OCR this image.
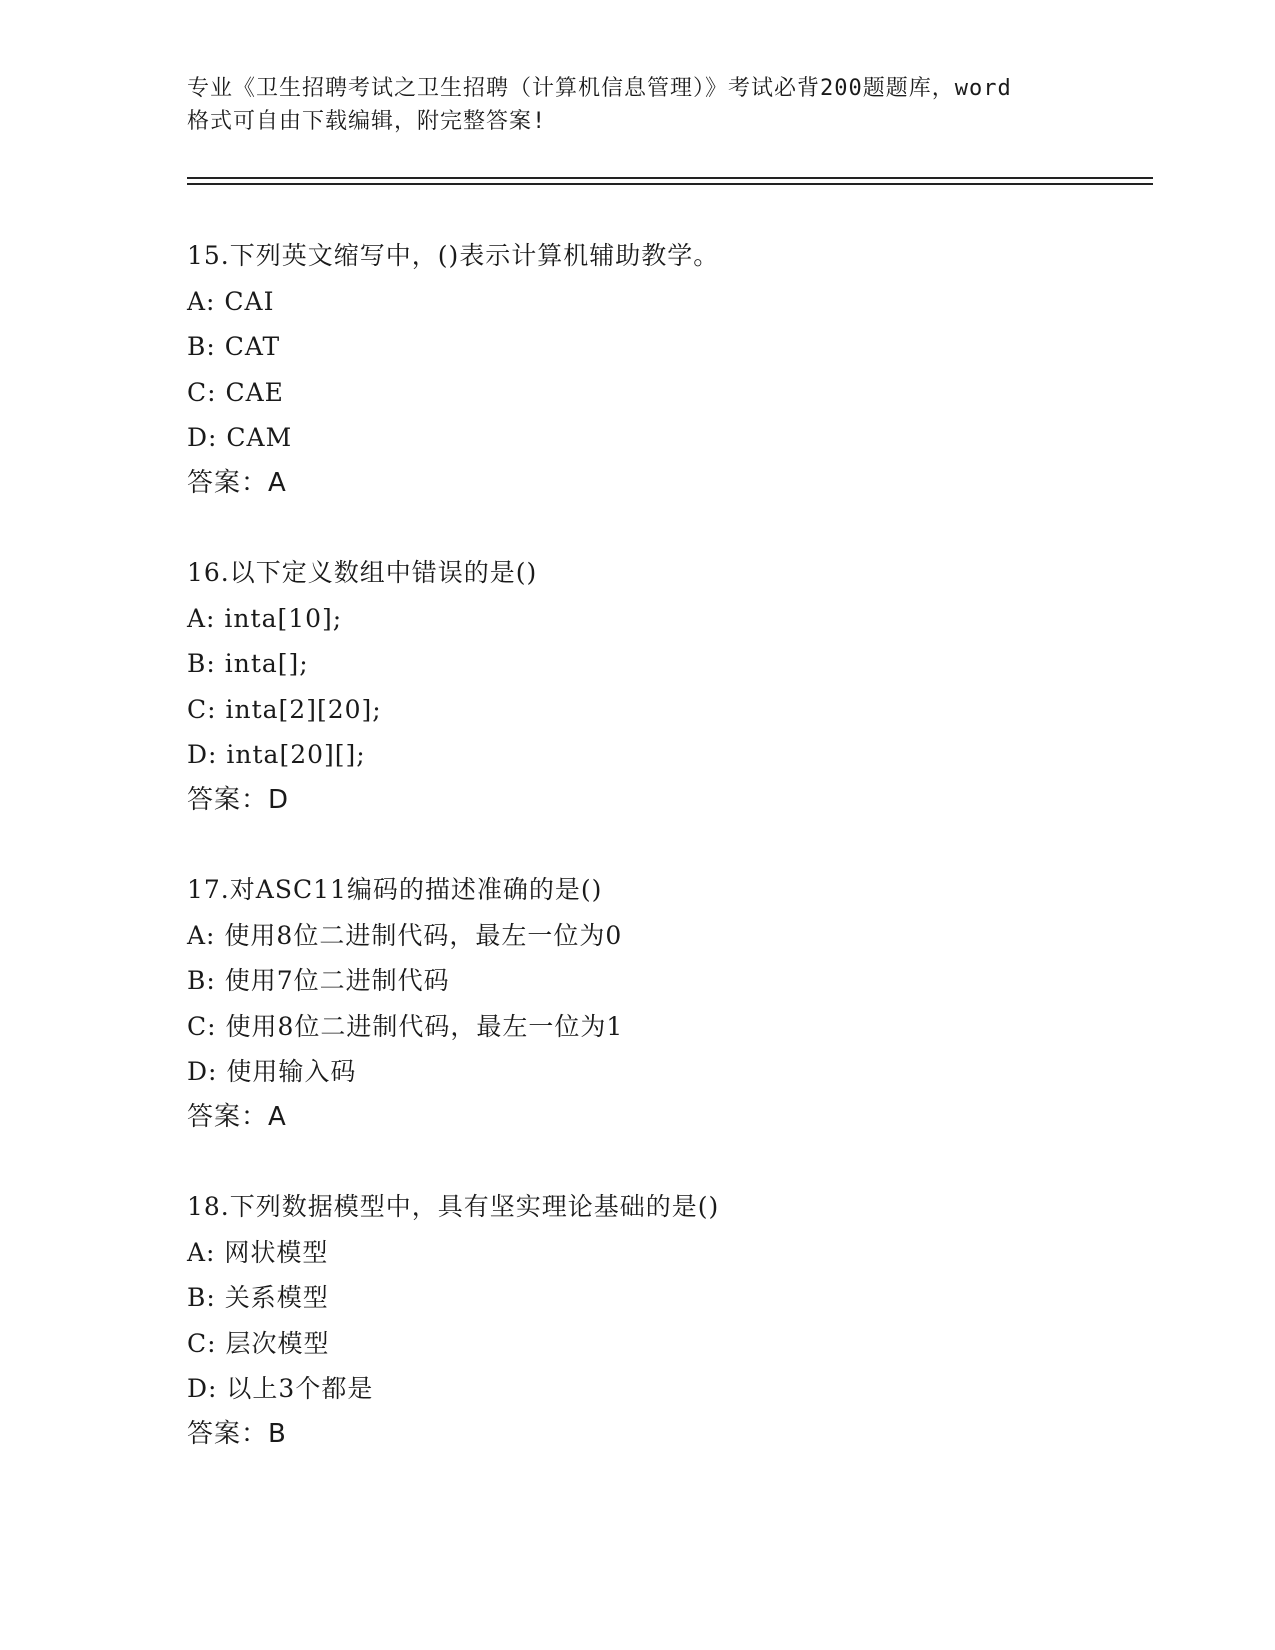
专业《卫生招聘考试之卫生招聘（计算机信息管理）》考试必背200题题库，word
格式可自由下载编辑，附完整答案!
15.下列英文缩写中，()表示计算机辅助教学。
A: CAI
B: CAT
C: CAE
D: CAM
答案：A
16.以下定义数组中错误的是()
A: inta[10];
B: inta[];
C: inta[2][20];
D: inta[20][];
答案：D
17.对ASC11编码的描述准确的是()
A: 使用8位二进制代码，最左一位为0
B: 使用7位二进制代码
C: 使用8位二进制代码，最左一位为1
D: 使用输入码
答案：A
18.下列数据模型中，具有坚实理论基础的是()
A: 网状模型
B: 关系模型
C: 层次模型
D: 以上3个都是
答案：B
